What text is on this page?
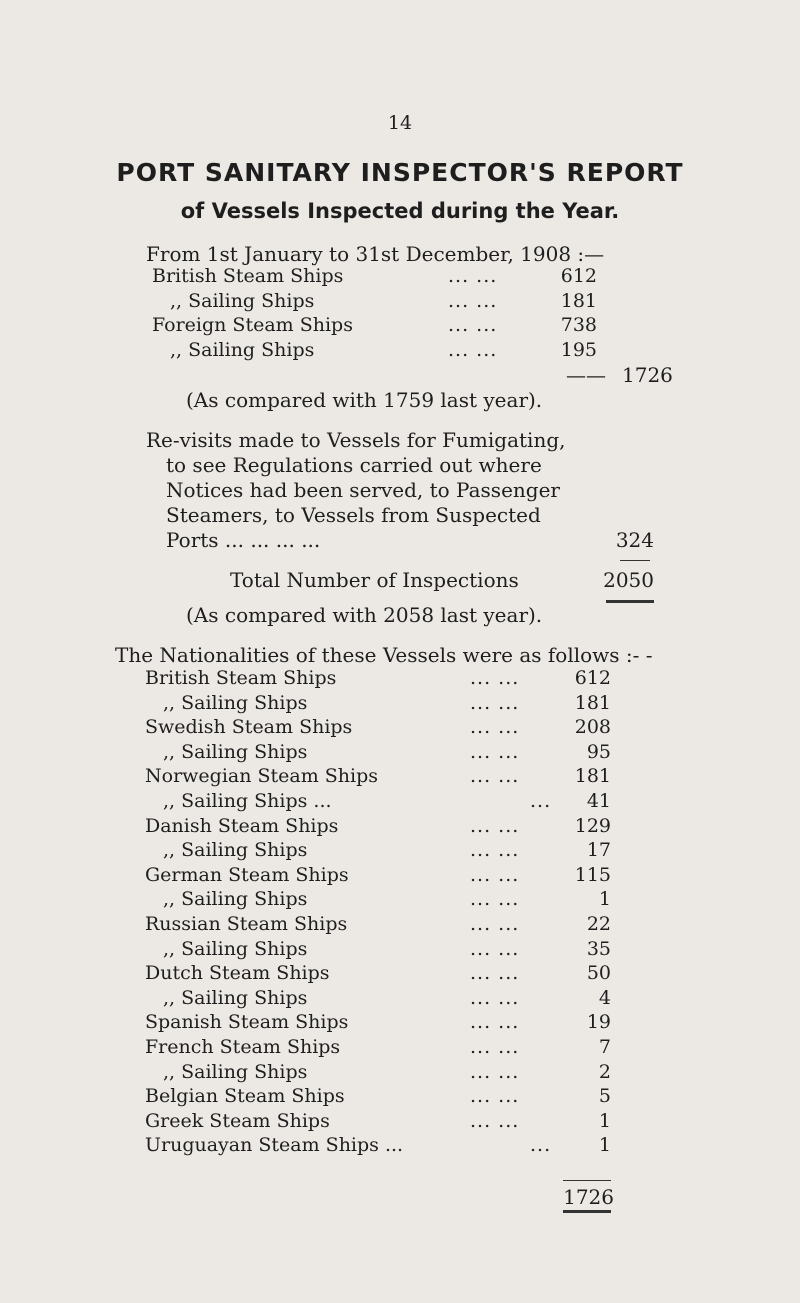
14
PORT SANITARY INSPECTOR'S REPORT
of Vessels Inspected during the Year.
From 1st January to 31st December, 1908 :—
British Steam Ships	... ...	612
,, Sailing Ships	... ...	181
Foreign Steam Ships	... ...	738
,, Sailing Ships	... ...	195
—— 1726
(As compared with 1759 last year).
Re-visits made to Vessels for Fumigating,
to see Regulations carried out where
Notices had been served, to Passenger
Steamers, to Vessels from Suspected
Ports ... ... ... ...	324
Total Number of Inspections	2050
(As compared with 2058 last year).
The Nationalities of these Vessels were as follows :- -
British Steam Ships	... ...	612
,, Sailing Ships	... ...	181
Swedish Steam Ships	... ...	208
,, Sailing Ships	... ...	95
Norwegian Steam Ships	... ...	181
,, Sailing Ships ...	...	41
Danish Steam Ships	... ...	129
,, Sailing Ships	... ...	17
German Steam Ships	... ...	115
,, Sailing Ships	... ...	1
Russian Steam Ships	... ...	22
,, Sailing Ships	... ...	35
Dutch Steam Ships	... ...	50
,, Sailing Ships	... ...	4
Spanish Steam Ships	... ...	19
French Steam Ships	... ...	7
,, Sailing Ships	... ...	2
Belgian Steam Ships	... ...	5
Greek Steam Ships	... ...	1
Uruguayan Steam Ships ...	...	1
1726
